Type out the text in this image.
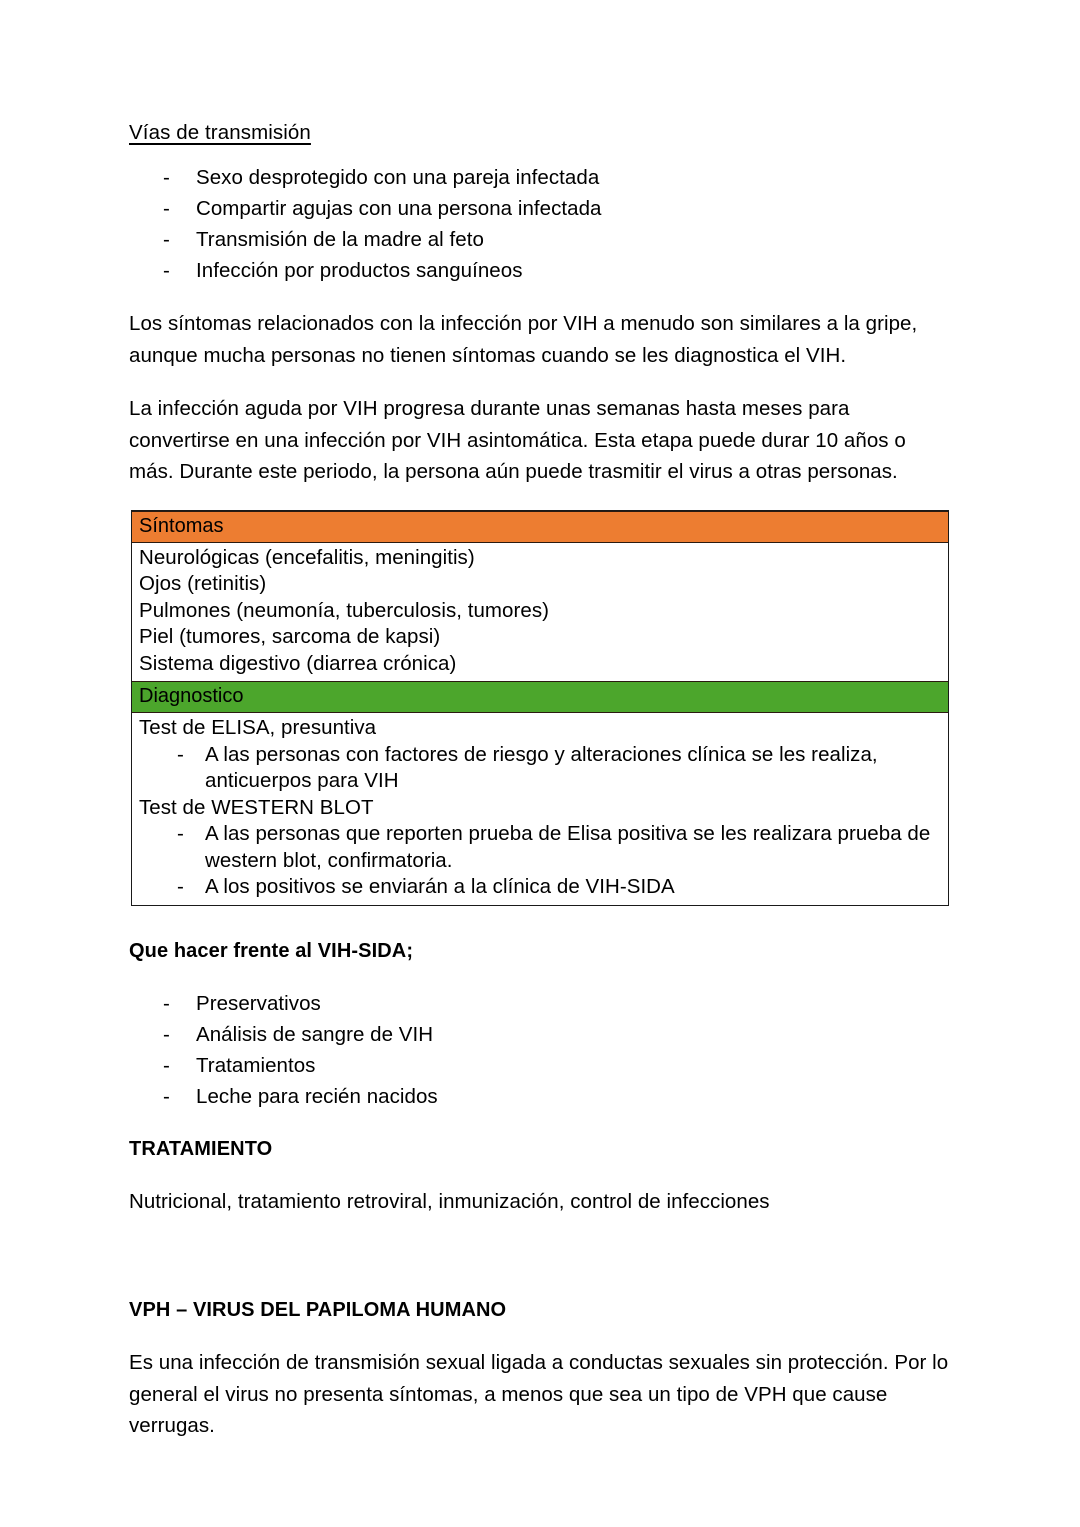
Vías de transmisión
- Sexo desprotegido con una pareja infectada
- Compartir agujas con una persona infectada
- Transmisión de la madre al feto
- Infección por productos sanguíneos

Los síntomas relacionados con la infección por VIH a menudo son similares a la gripe, aunque mucha personas no tienen síntomas cuando se les diagnostica el VIH.

La infección aguda por VIH progresa durante unas semanas hasta meses para convertirse en una infección por VIH asintomática. Esta etapa puede durar 10 años o más. Durante este periodo, la persona aún puede trasmitir el virus a otras personas.

Síntomas
Neurológicas (encefalitis, meningitis)
Ojos (retinitis)
Pulmones (neumonía, tuberculosis, tumores)
Piel (tumores, sarcoma de kapsi)
Sistema digestivo (diarrea crónica)
Diagnostico
Test de ELISA, presuntiva
- A las personas con factores de riesgo y alteraciones clínica se les realiza, anticuerpos para VIH
Test de WESTERN BLOT
- A las personas que reporten prueba de Elisa positiva se les realizara prueba de western blot, confirmatoria.
- A los positivos se enviarán a la clínica de VIH-SIDA
Que hacer frente al VIH-SIDA;
- Preservativos
- Análisis de sangre de VIH
- Tratamientos
- Leche para recién nacidos
TRATAMIENTO

Nutricional, tratamiento retroviral, inmunización, control de infecciones

VPH – VIRUS DEL PAPILOMA HUMANO

Es una infección de transmisión sexual ligada a conductas sexuales sin protección. Por lo general el virus no presenta síntomas, a menos que sea un tipo de VPH que cause verrugas.
